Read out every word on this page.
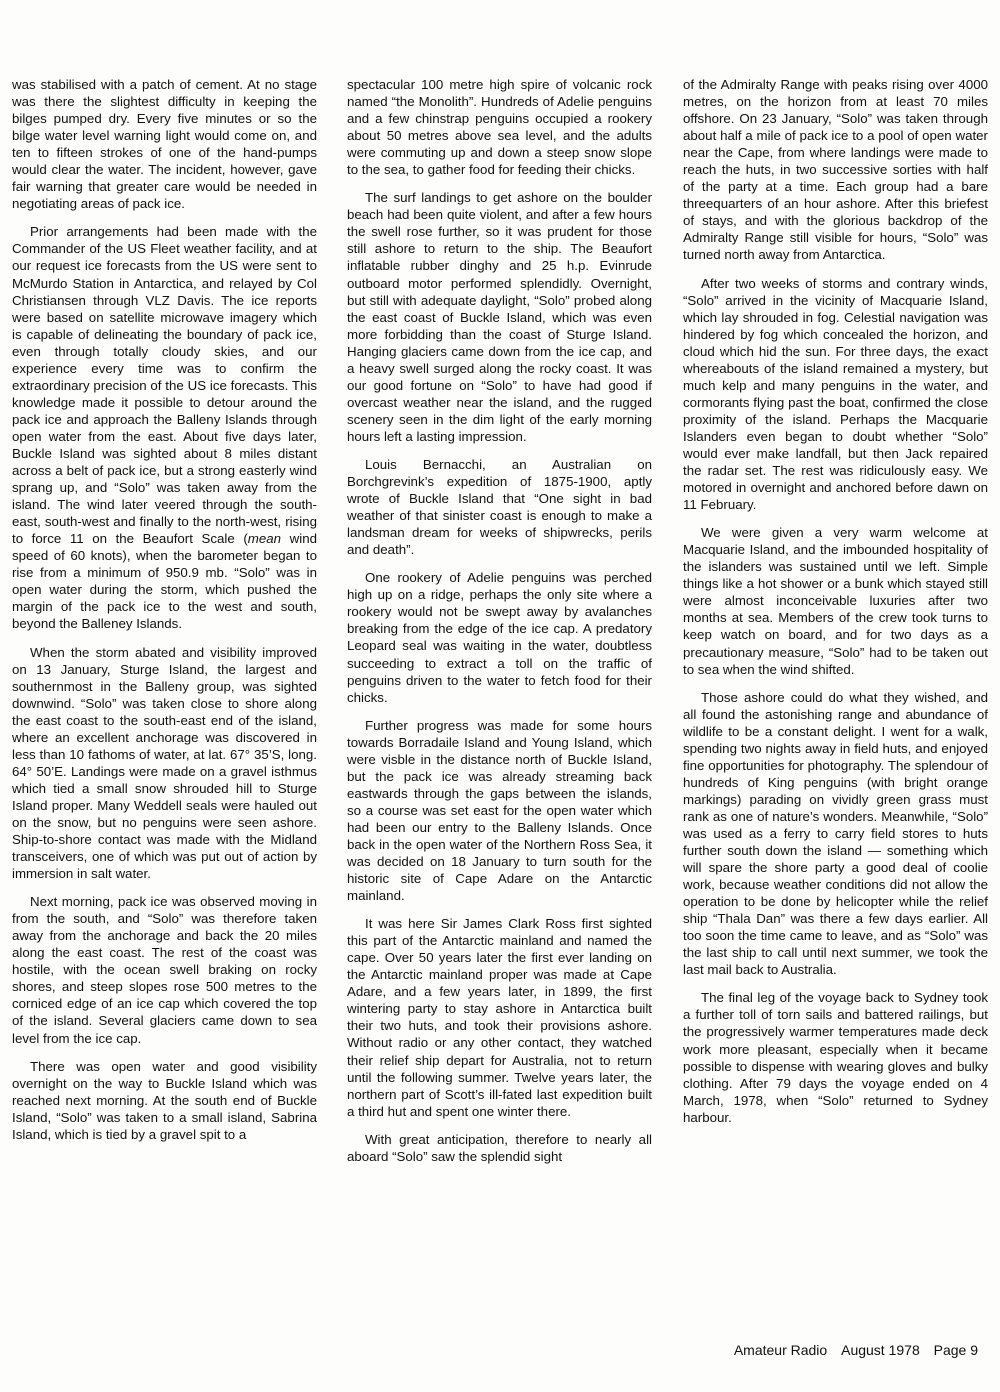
was stabilised with a patch of cement. At no stage was there the slightest difficulty in keeping the bilges pumped dry. Every five minutes or so the bilge water level warning light would come on, and ten to fifteen strokes of one of the hand-pumps would clear the water. The incident, however, gave fair warning that greater care would be needed in negotiating areas of pack ice.

Prior arrangements had been made with the Commander of the US Fleet weather facility, and at our request ice forecasts from the US were sent to McMurdo Station in Antarctica, and relayed by Col Christiansen through VLZ Davis. The ice reports were based on satellite microwave imagery which is capable of delineating the boundary of pack ice, even through totally cloudy skies, and our experience every time was to confirm the extraordinary precision of the US ice forecasts. This knowledge made it possible to detour around the pack ice and approach the Balleny Islands through open water from the east. About five days later, Buckle Island was sighted about 8 miles distant across a belt of pack ice, but a strong easterly wind sprang up, and “Solo” was taken away from the island. The wind later veered through the south-east, south-west and finally to the north-west, rising to force 11 on the Beaufort Scale (mean wind speed of 60 knots), when the barometer began to rise from a minimum of 950.9 mb. “Solo” was in open water during the storm, which pushed the margin of the pack ice to the west and south, beyond the Balleney Islands.

When the storm abated and visibility improved on 13 January, Sturge Island, the largest and southernmost in the Balleny group, was sighted downwind. “Solo” was taken close to shore along the east coast to the south-east end of the island, where an excellent anchorage was discovered in less than 10 fathoms of water, at lat. 67° 35’S, long. 64° 50’E. Landings were made on a gravel isthmus which tied a small snow shrouded hill to Sturge Island proper. Many Weddell seals were hauled out on the snow, but no penguins were seen ashore. Ship-to-shore contact was made with the Midland transceivers, one of which was put out of action by immersion in salt water.

Next morning, pack ice was observed moving in from the south, and “Solo” was therefore taken away from the anchorage and back the 20 miles along the east coast. The rest of the coast was hostile, with the ocean swell braking on rocky shores, and steep slopes rose 500 metres to the corniced edge of an ice cap which covered the top of the island. Several glaciers came down to sea level from the ice cap.

There was open water and good visibility overnight on the way to Buckle Island which was reached next morning. At the south end of Buckle Island, “Solo” was taken to a small island, Sabrina Island, which is tied by a gravel spit to a

spectacular 100 metre high spire of volcanic rock named “the Monolith”. Hundreds of Adelie penguins and a few chinstrap penguins occupied a rookery about 50 metres above sea level, and the adults were commuting up and down a steep snow slope to the sea, to gather food for feeding their chicks.

The surf landings to get ashore on the boulder beach had been quite violent, and after a few hours the swell rose further, so it was prudent for those still ashore to return to the ship. The Beaufort inflatable rubber dinghy and 25 h.p. Evinrude outboard motor performed splendidly. Overnight, but still with adequate daylight, “Solo” probed along the east coast of Buckle Island, which was even more forbidding than the coast of Sturge Island. Hanging glaciers came down from the ice cap, and a heavy swell surged along the rocky coast. It was our good fortune on “Solo” to have had good if overcast weather near the island, and the rugged scenery seen in the dim light of the early morning hours left a lasting impression.

Louis Bernacchi, an Australian on Borchgrevink’s expedition of 1875-1900, aptly wrote of Buckle Island that “One sight in bad weather of that sinister coast is enough to make a landsman dream for weeks of shipwrecks, perils and death”.

One rookery of Adelie penguins was perched high up on a ridge, perhaps the only site where a rookery would not be swept away by avalanches breaking from the edge of the ice cap. A predatory Leopard seal was waiting in the water, doubtless succeeding to extract a toll on the traffic of penguins driven to the water to fetch food for their chicks.

Further progress was made for some hours towards Borradaile Island and Young Island, which were visble in the distance north of Buckle Island, but the pack ice was already streaming back eastwards through the gaps between the islands, so a course was set east for the open water which had been our entry to the Balleny Islands. Once back in the open water of the Northern Ross Sea, it was decided on 18 January to turn south for the historic site of Cape Adare on the Antarctic mainland.

It was here Sir James Clark Ross first sighted this part of the Antarctic mainland and named the cape. Over 50 years later the first ever landing on the Antarctic mainland proper was made at Cape Adare, and a few years later, in 1899, the first wintering party to stay ashore in Antarctica built their two huts, and took their provisions ashore. Without radio or any other contact, they watched their relief ship depart for Australia, not to return until the following summer. Twelve years later, the northern part of Scott’s ill-fated last expedition built a third hut and spent one winter there.

With great anticipation, therefore to nearly all aboard “Solo” saw the splendid sight

of the Admiralty Range with peaks rising over 4000 metres, on the horizon from at least 70 miles offshore. On 23 January, “Solo” was taken through about half a mile of pack ice to a pool of open water near the Cape, from where landings were made to reach the huts, in two successive sorties with half of the party at a time. Each group had a bare threequarters of an hour ashore. After this briefest of stays, and with the glorious backdrop of the Admiralty Range still visible for hours, “Solo” was turned north away from Antarctica.

After two weeks of storms and contrary winds, “Solo” arrived in the vicinity of Macquarie Island, which lay shrouded in fog. Celestial navigation was hindered by fog which concealed the horizon, and cloud which hid the sun. For three days, the exact whereabouts of the island remained a mystery, but much kelp and many penguins in the water, and cormorants flying past the boat, confirmed the close proximity of the island. Perhaps the Macquarie Islanders even began to doubt whether “Solo” would ever make landfall, but then Jack repaired the radar set. The rest was ridiculously easy. We motored in overnight and anchored before dawn on 11 February.

We were given a very warm welcome at Macquarie Island, and the imbounded hospitality of the islanders was sustained until we left. Simple things like a hot shower or a bunk which stayed still were almost inconceivable luxuries after two months at sea. Members of the crew took turns to keep watch on board, and for two days as a precautionary measure, “Solo” had to be taken out to sea when the wind shifted.

Those ashore could do what they wished, and all found the astonishing range and abundance of wildlife to be a constant delight. I went for a walk, spending two nights away in field huts, and enjoyed fine opportunities for photography. The splendour of hundreds of King penguins (with bright orange markings) parading on vividly green grass must rank as one of nature’s wonders. Meanwhile, “Solo” was used as a ferry to carry field stores to huts further south down the island — something which will spare the shore party a good deal of coolie work, because weather conditions did not allow the operation to be done by helicopter while the relief ship “Thala Dan” was there a few days earlier. All too soon the time came to leave, and as “Solo” was the last ship to call until next summer, we took the last mail back to Australia.

The final leg of the voyage back to Sydney took a further toll of torn sails and battered railings, but the progressively warmer temperatures made deck work more pleasant, especially when it became possible to dispense with wearing gloves and bulky clothing. After 79 days the voyage ended on 4 March, 1978, when “Solo” returned to Sydney harbour.

Amateur Radio August 1978 Page 9
